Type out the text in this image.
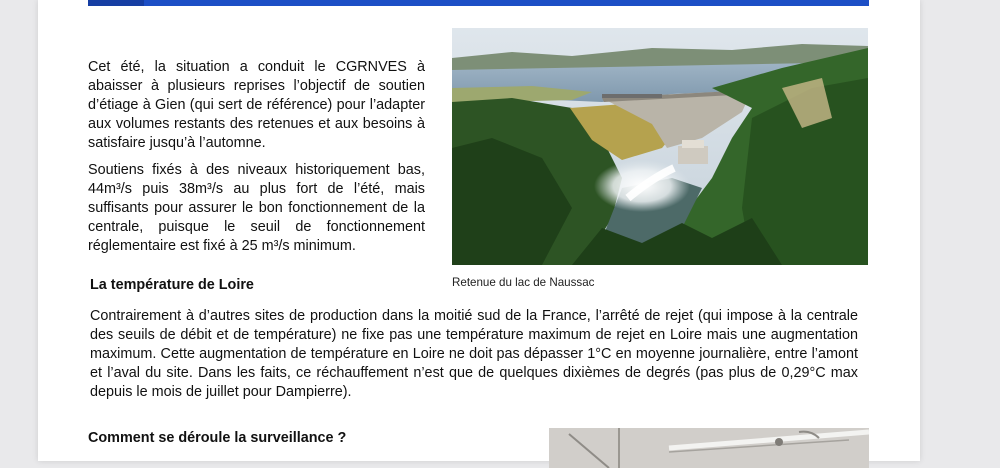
Cet été, la situation a conduit le CGRNVES à abaisser à plusieurs reprises l’objectif de soutien d’étiage à Gien (qui sert de référence) pour l’adapter aux volumes restants des retenues et aux besoins à satisfaire jusqu’à l’automne.

Soutiens fixés à des niveaux historiquement bas, 44m³/s puis 38m³/s au plus fort de l’été, mais suffisants pour assurer le bon fonctionnement de la centrale, puisque le seuil de fonctionnement réglementaire est fixé à 25 m³/s minimum.

Retenue du lac de Naussac
La température de Loire

Contrairement à d’autres sites de production dans la moitié sud de la France, l’arrêté de rejet (qui impose à la centrale des seuils de débit et de température) ne fixe pas une température maximum de rejet en Loire mais une augmentation maximum. Cette augmentation de température en Loire ne doit pas dépasser 1°C en moyenne journalière, entre l’amont et l’aval du site. Dans les faits, ce réchauffement n’est que de quelques dixièmes de degrés (pas plus de 0,29°C max depuis le mois de juillet pour Dampierre).

Comment se déroule la surveillance ?
